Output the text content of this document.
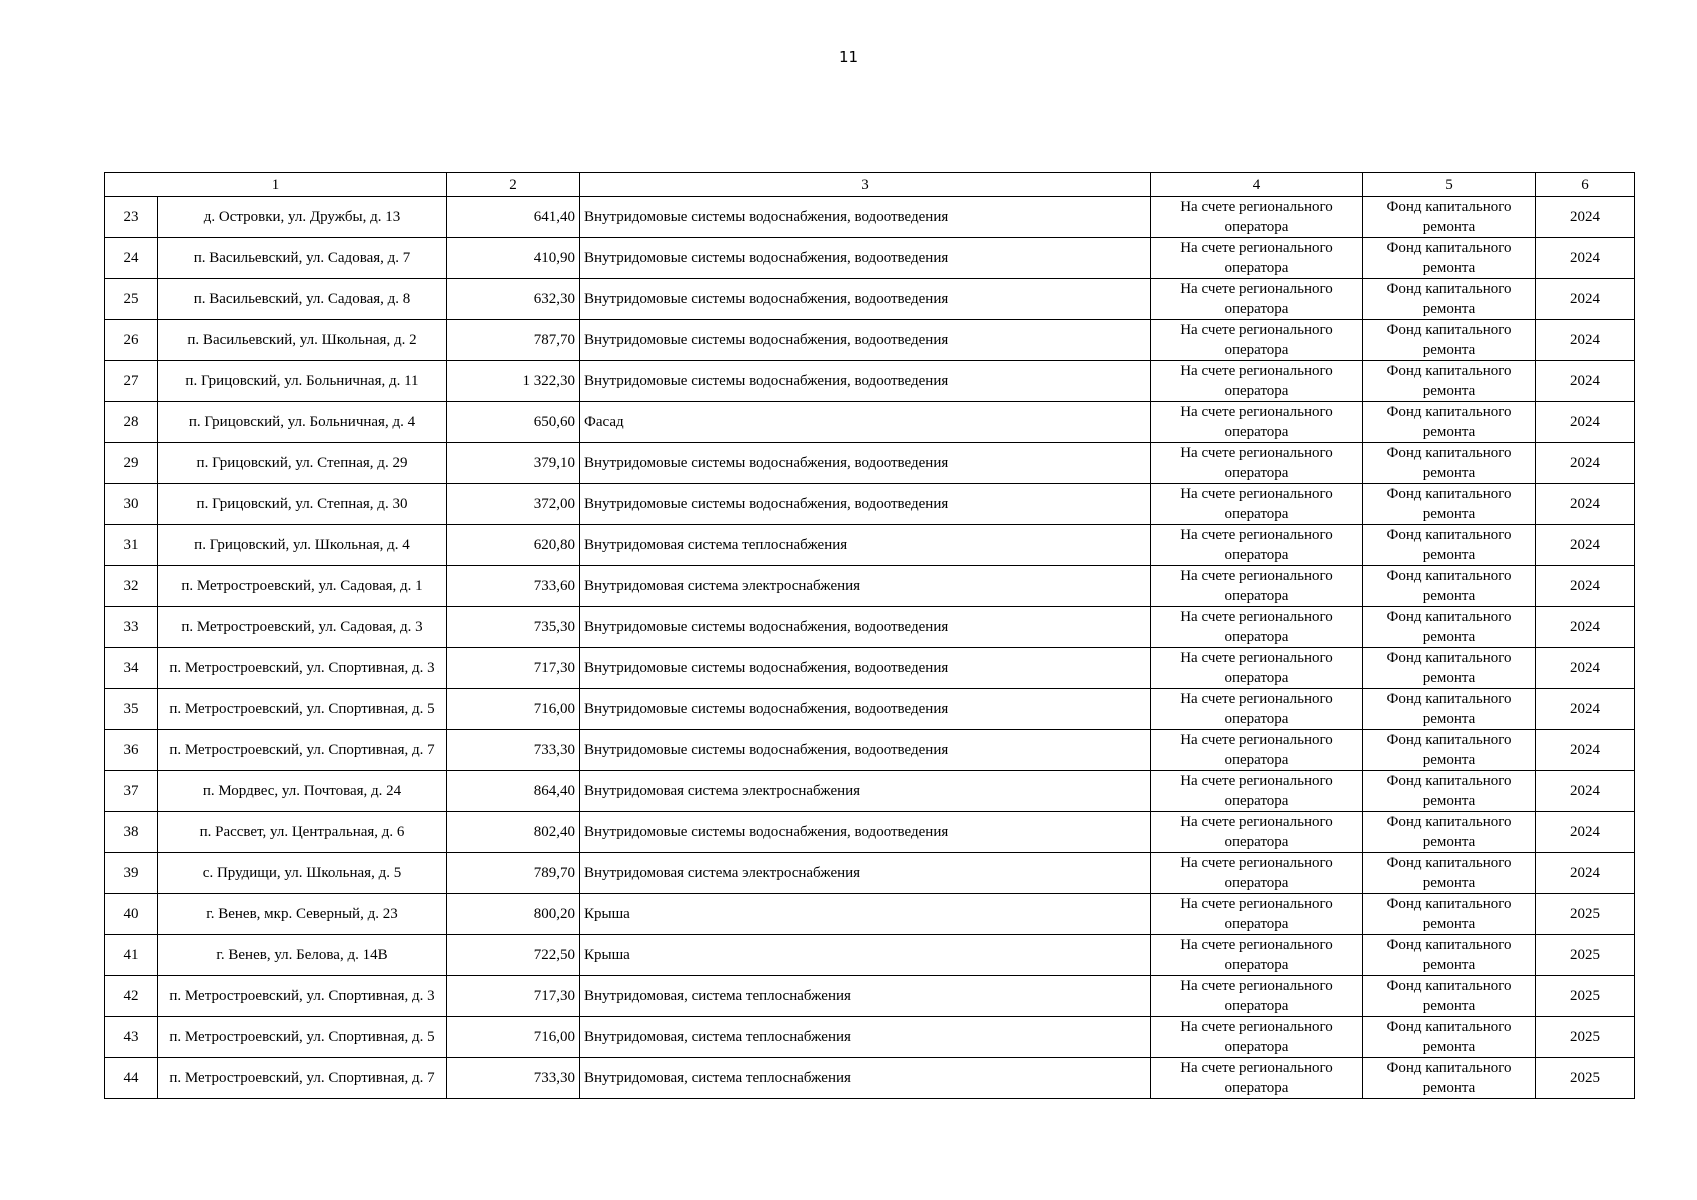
11
1		2	3	4	5	6
23	д. Островки, ул. Дружбы, д. 13	641,40	Внутридомовые системы водоснабжения, водоотведения	На счете регионального оператора	Фонд капитального ремонта	2024
24	п. Васильевский, ул. Садовая, д. 7	410,90	Внутридомовые системы водоснабжения, водоотведения	На счете регионального оператора	Фонд капитального ремонта	2024
25	п. Васильевский, ул. Садовая, д. 8	632,30	Внутридомовые системы водоснабжения, водоотведения	На счете регионального оператора	Фонд капитального ремонта	2024
26	п. Васильевский, ул. Школьная, д. 2	787,70	Внутридомовые системы водоснабжения, водоотведения	На счете регионального оператора	Фонд капитального ремонта	2024
27	п. Грицовский, ул. Больничная, д. 11	1 322,30	Внутридомовые системы водоснабжения, водоотведения	На счете регионального оператора	Фонд капитального ремонта	2024
28	п. Грицовский, ул. Больничная, д. 4	650,60	Фасад	На счете регионального оператора	Фонд капитального ремонта	2024
29	п. Грицовский, ул. Степная, д. 29	379,10	Внутридомовые системы водоснабжения, водоотведения	На счете регионального оператора	Фонд капитального ремонта	2024
30	п. Грицовский, ул. Степная, д. 30	372,00	Внутридомовые системы водоснабжения, водоотведения	На счете регионального оператора	Фонд капитального ремонта	2024
31	п. Грицовский, ул. Школьная, д. 4	620,80	Внутридомовая система теплоснабжения	На счете регионального оператора	Фонд капитального ремонта	2024
32	п. Метростроевский, ул. Садовая, д. 1	733,60	Внутридомовая система электроснабжения	На счете регионального оператора	Фонд капитального ремонта	2024
33	п. Метростроевский, ул. Садовая, д. 3	735,30	Внутридомовые системы водоснабжения, водоотведения	На счете регионального оператора	Фонд капитального ремонта	2024
34	п. Метростроевский, ул. Спортивная, д. 3	717,30	Внутридомовые системы водоснабжения, водоотведения	На счете регионального оператора	Фонд капитального ремонта	2024
35	п. Метростроевский, ул. Спортивная, д. 5	716,00	Внутридомовые системы водоснабжения, водоотведения	На счете регионального оператора	Фонд капитального ремонта	2024
36	п. Метростроевский, ул. Спортивная, д. 7	733,30	Внутридомовые системы водоснабжения, водоотведения	На счете регионального оператора	Фонд капитального ремонта	2024
37	п. Мордвес, ул. Почтовая, д. 24	864,40	Внутридомовая система электроснабжения	На счете регионального оператора	Фонд капитального ремонта	2024
38	п. Рассвет, ул. Центральная, д. 6	802,40	Внутридомовые системы водоснабжения, водоотведения	На счете регионального оператора	Фонд капитального ремонта	2024
39	с. Прудищи, ул. Школьная, д. 5	789,70	Внутридомовая система электроснабжения	На счете регионального оператора	Фонд капитального ремонта	2024
40	г. Венев, мкр. Северный, д. 23	800,20	Крыша	На счете регионального оператора	Фонд капитального ремонта	2025
41	г. Венев, ул. Белова, д. 14В	722,50	Крыша	На счете регионального оператора	Фонд капитального ремонта	2025
42	п. Метростроевский, ул. Спортивная, д. 3	717,30	Внутридомовая, система теплоснабжения	На счете регионального оператора	Фонд капитального ремонта	2025
43	п. Метростроевский, ул. Спортивная, д. 5	716,00	Внутридомовая, система теплоснабжения	На счете регионального оператора	Фонд капитального ремонта	2025
44	п. Метростроевский, ул. Спортивная, д. 7	733,30	Внутридомовая, система теплоснабжения	На счете регионального оператора	Фонд капитального ремонта	2025
